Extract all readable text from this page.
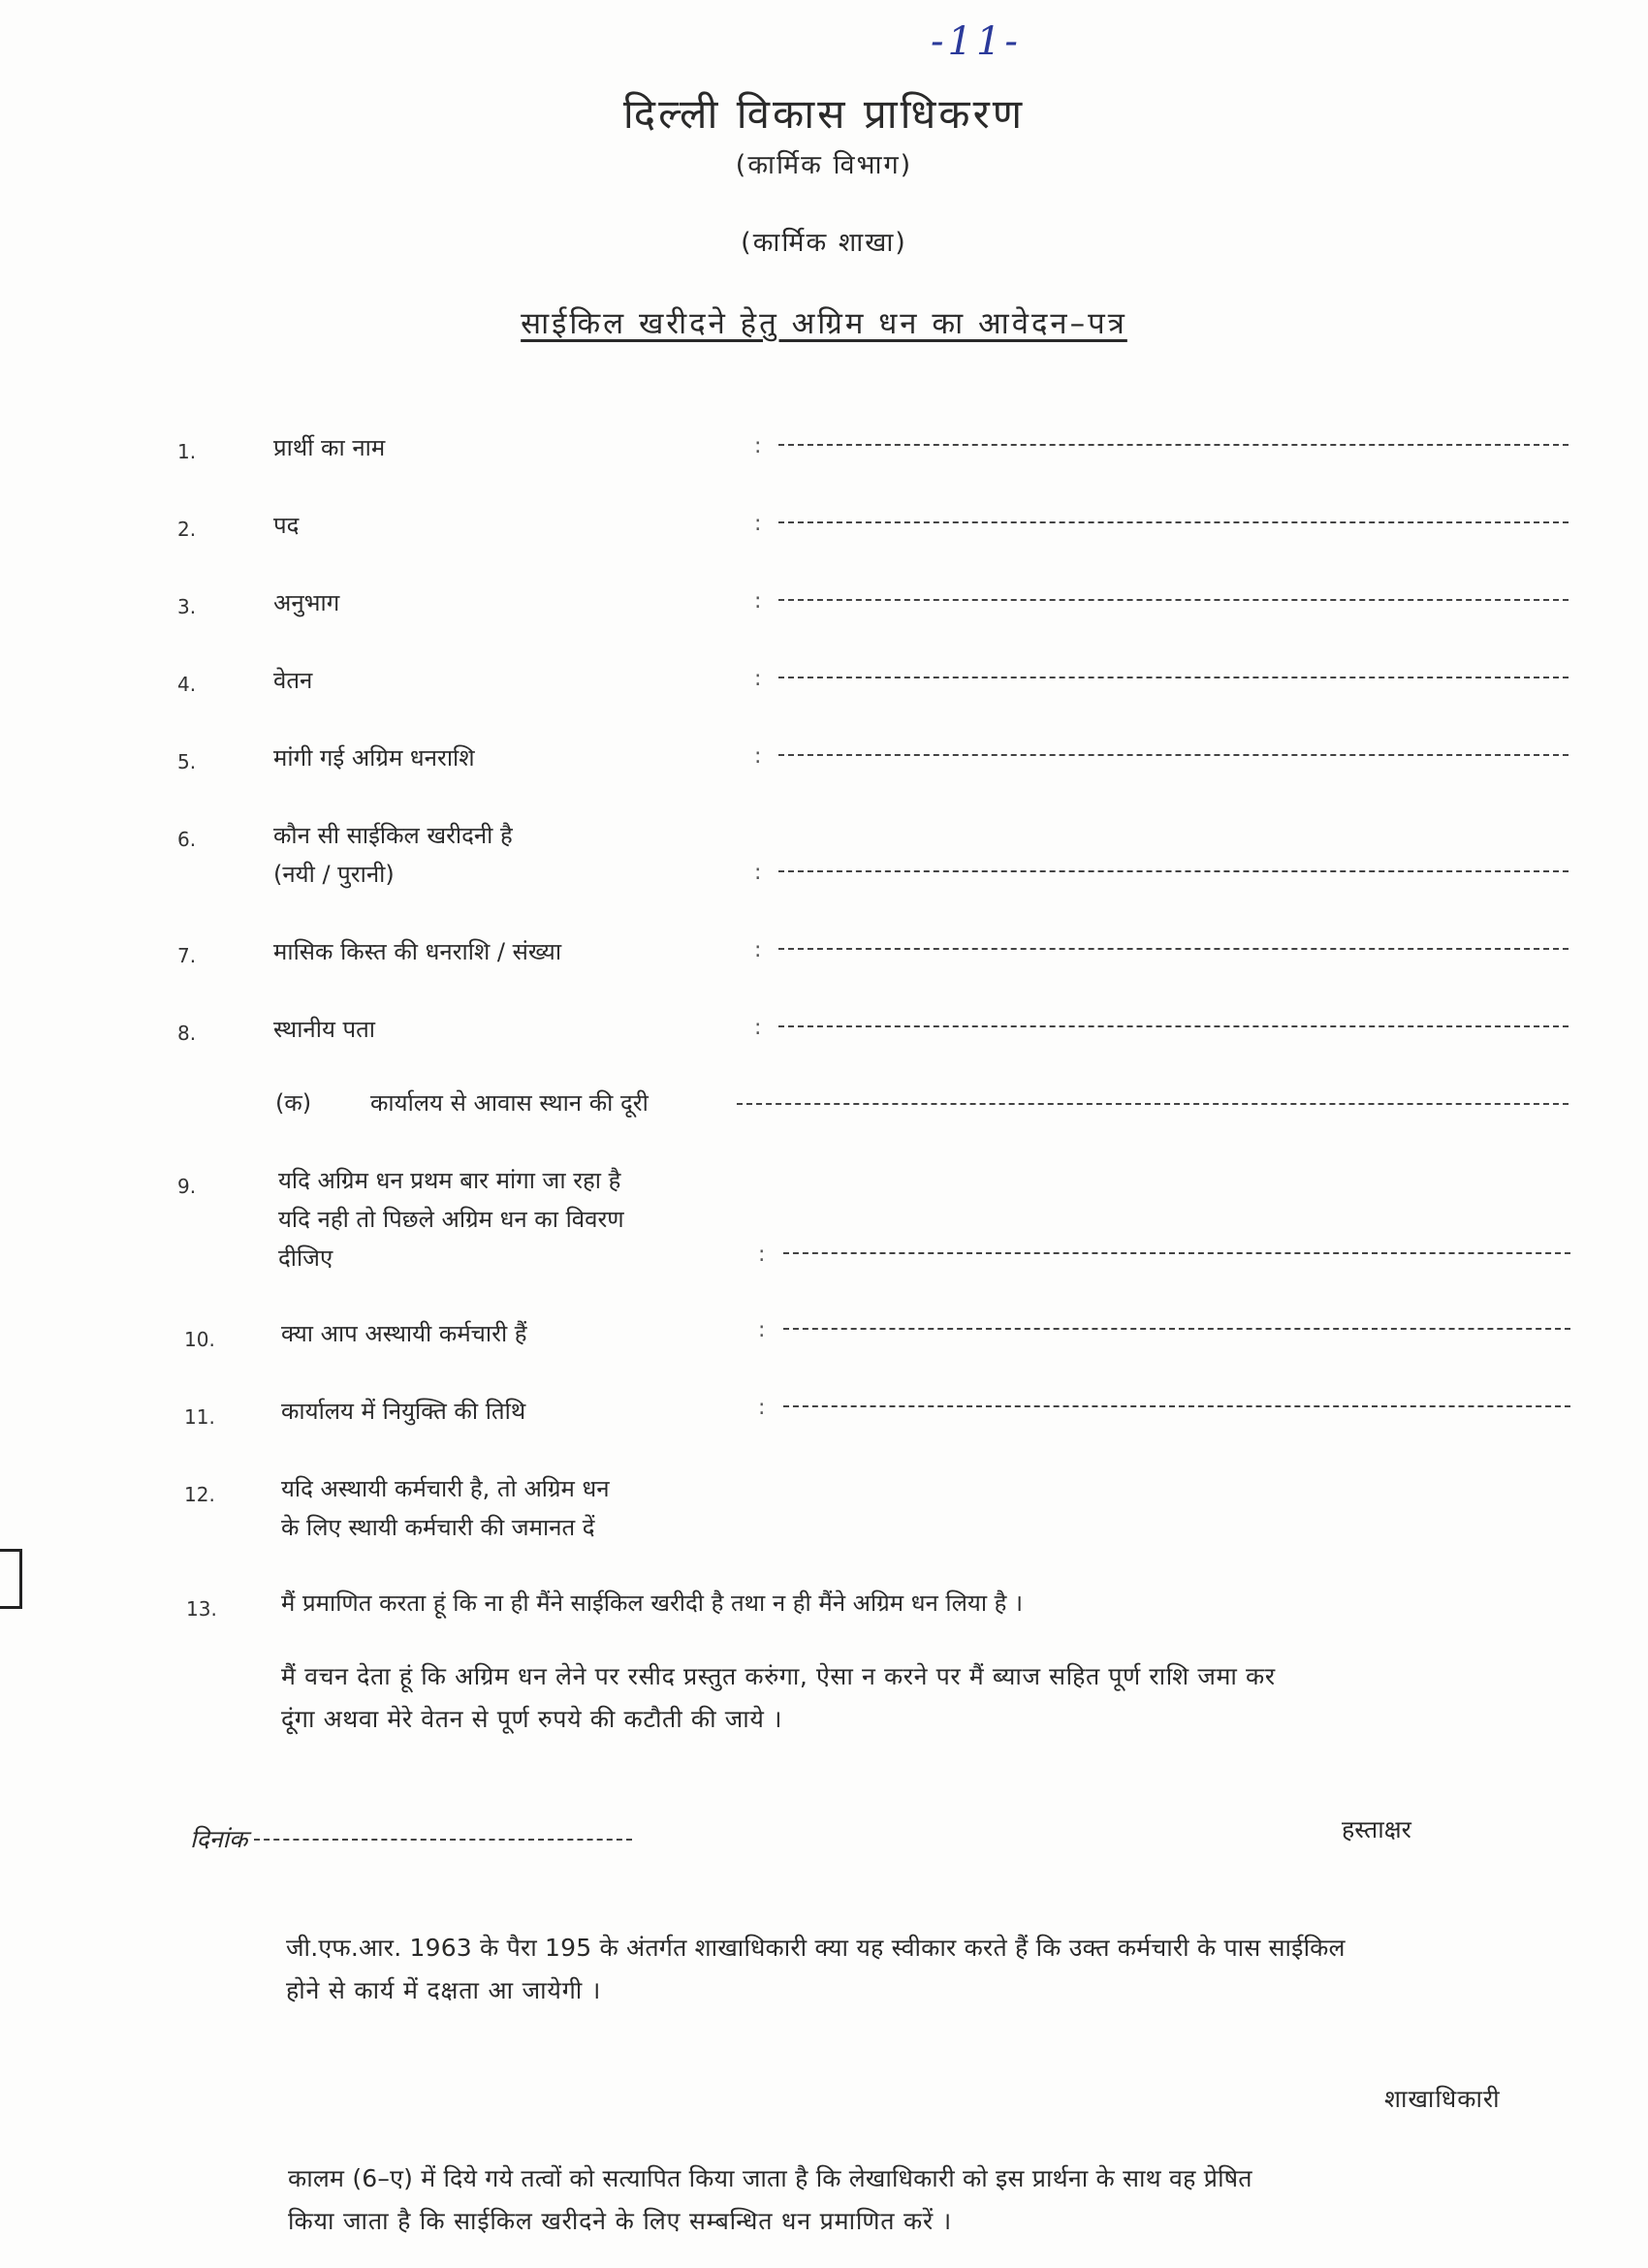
-11-
दिल्ली विकास प्राधिकरण
(कार्मिक विभाग)
(कार्मिक शाखा)
साईकिल खरीदने हेतु अग्रिम धन का आवेदन–पत्र
1.	प्रार्थी का नाम	:
2.	पद	:
3.	अनुभाग	:
4.	वेतन	:
5.	मांगी गई अग्रिम धनराशि	:
6.	कौन सी साईकिल खरीदनी है
(नयी / पुरानी)	:
7.	मासिक किस्त की धनराशि / संख्या	:
8.	स्थानीय पता	:
(क)	कार्यालय से आवास स्थान की दूरी
9.	यदि अग्रिम धन प्रथम बार मांगा जा रहा है
यदि नही तो पिछले अग्रिम धन का विवरण
दीजिए	:
10.	क्या आप अस्थायी कर्मचारी हैं	:
11.	कार्यालय में नियुक्ति की तिथि	:
12.	यदि अस्थायी कर्मचारी है, तो अग्रिम धन
के लिए स्थायी कर्मचारी की जमानत दें
13.	मैं प्रमाणित करता हूं कि ना ही मैंने साईकिल खरीदी है तथा न ही मैंने अग्रिम धन लिया है ।
मैं वचन देता हूं कि अग्रिम धन लेने पर रसीद प्रस्तुत करुंगा, ऐसा न करने पर मैं ब्याज सहित पूर्ण राशि जमा कर
दूंगा अथवा मेरे वेतन से पूर्ण रुपये की कटौती की जाये ।
दिनांक	हस्ताक्षर
जी.एफ.आर. 1963 के पैरा 195 के अंतर्गत शाखाधिकारी क्या यह स्वीकार करते हैं कि उक्त कर्मचारी के पास साईकिल
होने से कार्य में दक्षता आ जायेगी ।
शाखाधिकारी
कालम (6–ए) में दिये गये तत्वों को सत्यापित किया जाता है कि लेखाधिकारी को इस प्रार्थना के साथ वह प्रेषित
किया जाता है कि साईकिल खरीदने के लिए सम्बन्धित धन प्रमाणित करें ।
